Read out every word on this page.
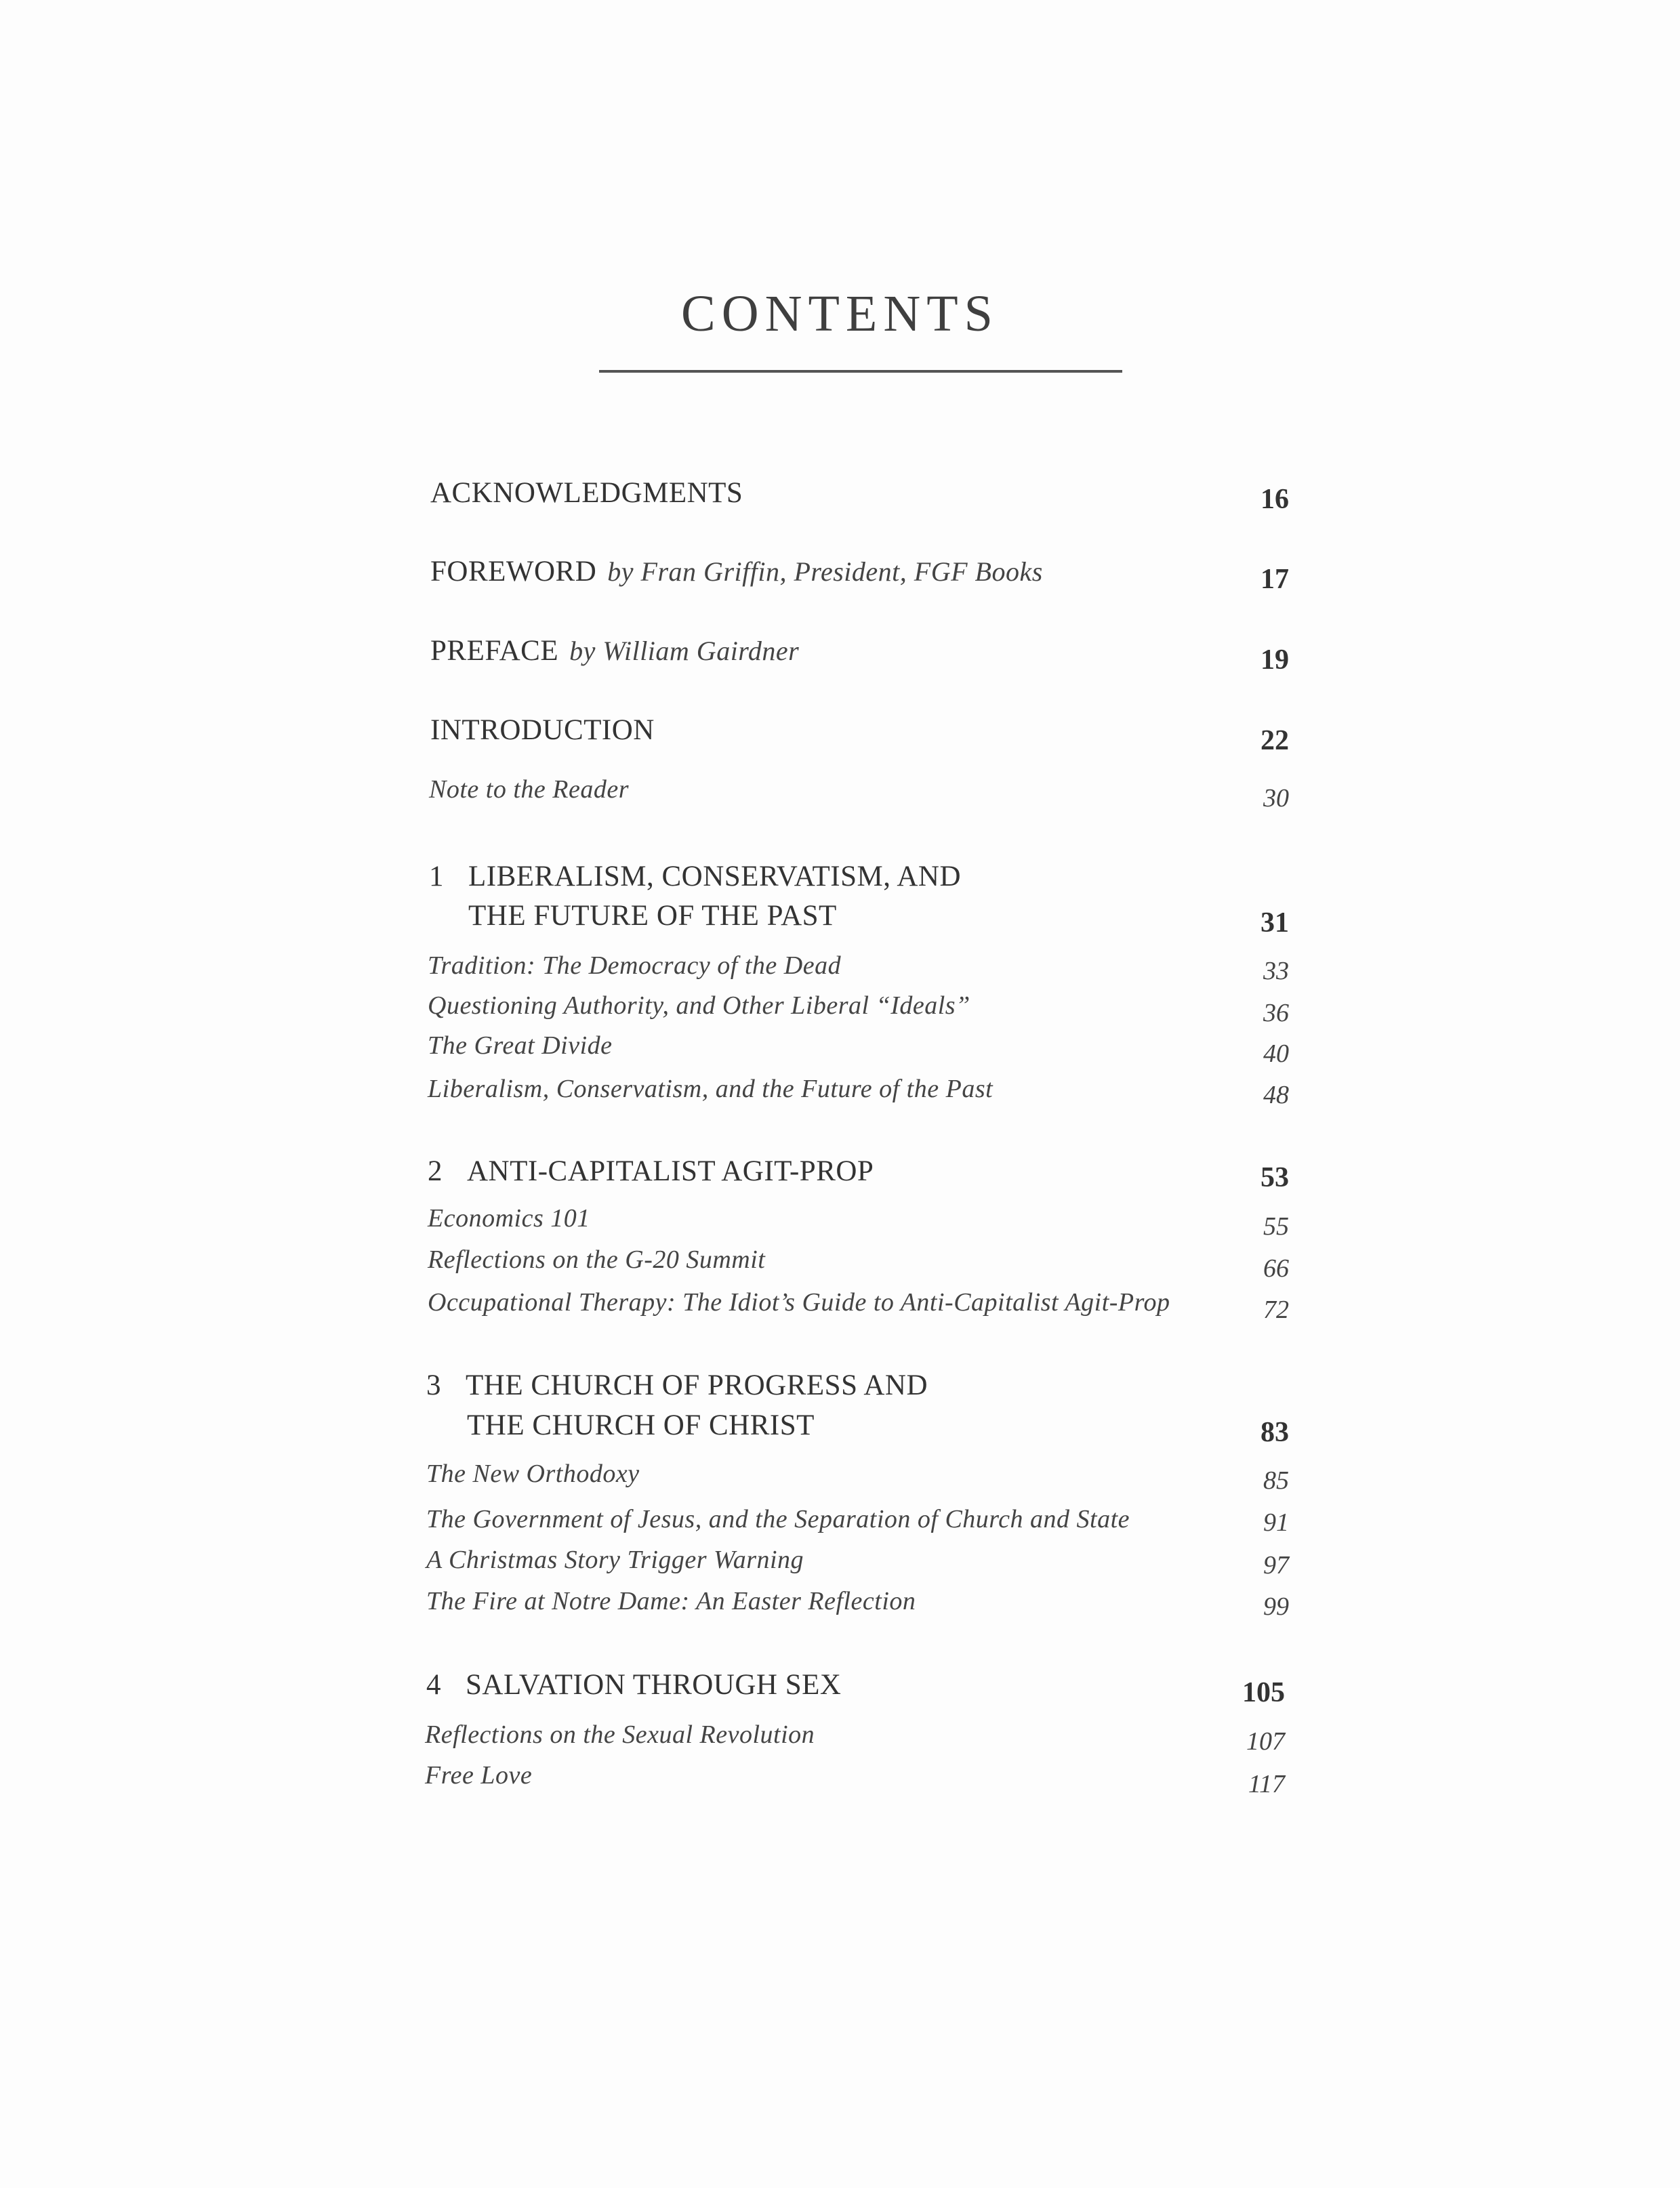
CONTENTS
ACKNOWLEDGMENTS	16
FOREWORD by Fran Griffin, President, FGF Books	17
PREFACE by William Gairdner	19
INTRODUCTION	22
Note to the Reader	30
1 LIBERALISM, CONSERVATISM, AND
THE FUTURE OF THE PAST	31
Tradition: The Democracy of the Dead	33
Questioning Authority, and Other Liberal “Ideals”	36
The Great Divide	40
Liberalism, Conservatism, and the Future of the Past	48
2 ANTI-CAPITALIST AGIT-PROP	53
Economics 101	55
Reflections on the G-20 Summit	66
Occupational Therapy: The Idiot’s Guide to Anti-Capitalist Agit-Prop	72
3 THE CHURCH OF PROGRESS AND
THE CHURCH OF CHRIST	83
The New Orthodoxy	85
The Government of Jesus, and the Separation of Church and State	91
A Christmas Story Trigger Warning	97
The Fire at Notre Dame: An Easter Reflection	99
4 SALVATION THROUGH SEX	105
Reflections on the Sexual Revolution	107
Free Love	117
